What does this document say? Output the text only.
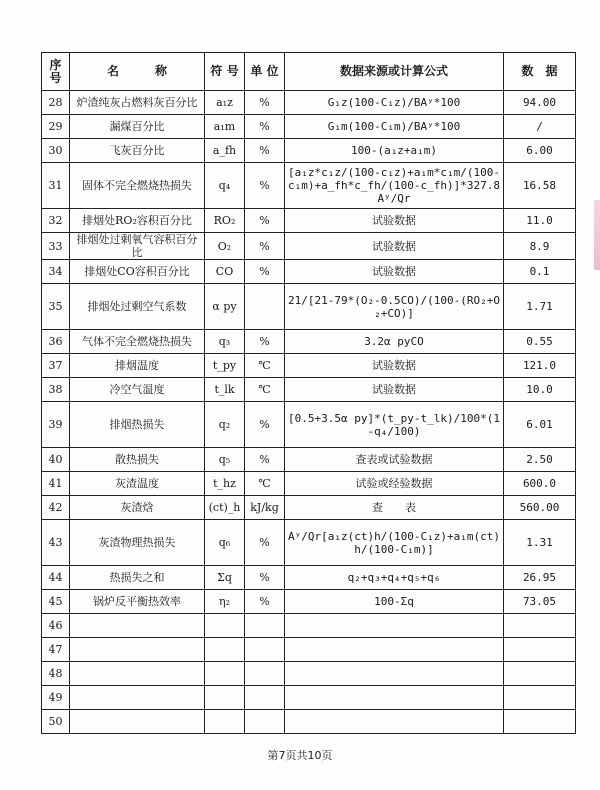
序号	名　　　称	符 号	单 位	数据来源或计算公式	数　据
28	炉渣纯灰占燃料灰百分比	a₁z	%	G₁z(100-C₁z)/BAʸ*100	94.00
29	漏煤百分比	a₁m	%	G₁m(100-C₁m)/BAʸ*100	/
30	飞灰百分比	a_fh	%	100-(a₁z+a₁m)	6.00
31	固体不完全燃烧热损失	q₄	%	[a₁z*c₁z/(100-c₁z)+a₁m*c₁m/(100-c₁m)+a_fh*c_fh/(100-c_fh)]*327.8Aʸ/Qr	16.58
32	排烟处RO₂容积百分比	RO₂	%	试验数据	11.0
33	排烟处过剩氧气容积百分比	O₂	%	试验数据	8.9
34	排烟处CO容积百分比	CO	%	试验数据	0.1
35	排烟处过剩空气系数	α py		21/[21-79*(O₂-0.5CO)/(100-(RO₂+O₂+CO)]	1.71
36	气体不完全燃烧热损失	q₃	%	3.2α pyCO	0.55
37	排烟温度	t_py	℃	试验数据	121.0
38	冷空气温度	t_lk	℃	试验数据	10.0
39	排烟热损失	q₂	%	[0.5+3.5α py]*(t_py-t_lk)/100*(1-q₄/100)	6.01
40	散热损失	q₅	%	查表或试验数据	2.50
41	灰渣温度	t_hz	℃	试验或经验数据	600.0
42	灰渣焓	(ct)_h	kJ/kg	查　　表	560.00
43	灰渣物理热损失	q₆	%	Aʸ/Qr[a₁z(ct)h/(100-C₁z)+a₁m(ct)h/(100-C₁m)]	1.31
44	热损失之和	Σq	%	q₂+q₃+q₄+q₅+q₆	26.95
45	锅炉反平衡热效率	η₂	%	100-Σq	73.05
46					
47					
48					
49					
50					
第7页共10页
